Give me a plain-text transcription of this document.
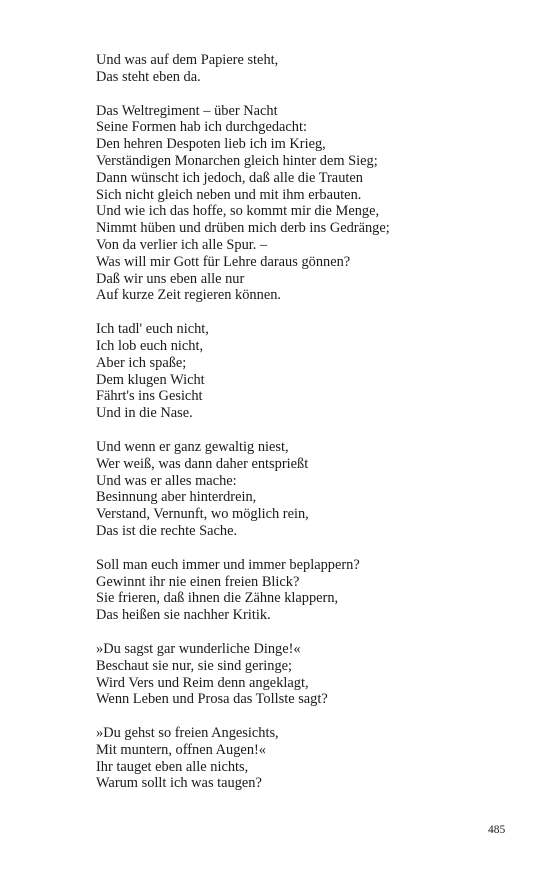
Und was auf dem Papiere steht,
Das steht eben da.
Das Weltregiment – über Nacht
Seine Formen hab ich durchgedacht:
Den hehren Despoten lieb ich im Krieg,
Verständigen Monarchen gleich hinter dem Sieg;
Dann wünscht ich jedoch, daß alle die Trauten
Sich nicht gleich neben und mit ihm erbauten.
Und wie ich das hoffe, so kommt mir die Menge,
Nimmt hüben und drüben mich derb ins Gedränge;
Von da verlier ich alle Spur. –
Was will mir Gott für Lehre daraus gönnen?
Daß wir uns eben alle nur
Auf kurze Zeit regieren können.
Ich tadl' euch nicht,
Ich lob euch nicht,
Aber ich spaße;
Dem klugen Wicht
Fährt's ins Gesicht
Und in die Nase.
Und wenn er ganz gewaltig niest,
Wer weiß, was dann daher entsprießt
Und was er alles mache:
Besinnung aber hinterdrein,
Verstand, Vernunft, wo möglich rein,
Das ist die rechte Sache.
Soll man euch immer und immer beplappern?
Gewinnt ihr nie einen freien Blick?
Sie frieren, daß ihnen die Zähne klappern,
Das heißen sie nachher Kritik.
»Du sagst gar wunderliche Dinge!«
Beschaut sie nur, sie sind geringe;
Wird Vers und Reim denn angeklagt,
Wenn Leben und Prosa das Tollste sagt?
»Du gehst so freien Angesichts,
Mit muntern, offnen Augen!«
Ihr tauget eben alle nichts,
Warum sollt ich was taugen?
485
